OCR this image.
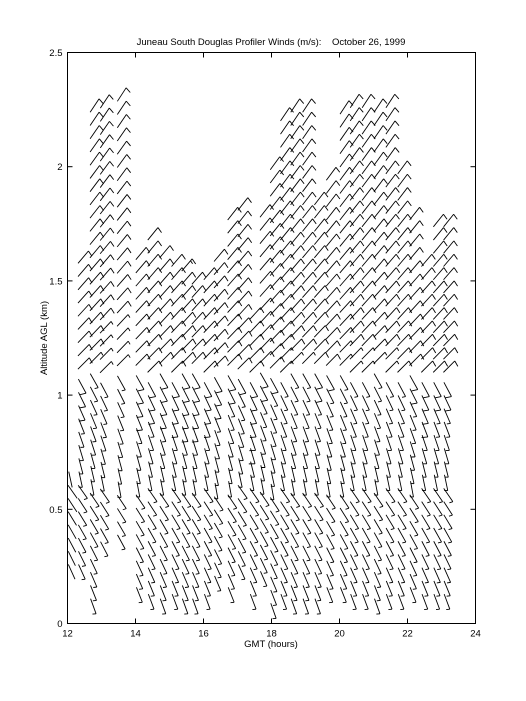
Juneau South Douglas Profiler Winds (m/s):    October 26, 1999
GMT (hours)
Altitude AGL (km)
12	14	16	18	20	22	24
0
0.5
1
1.5
2
2.5
